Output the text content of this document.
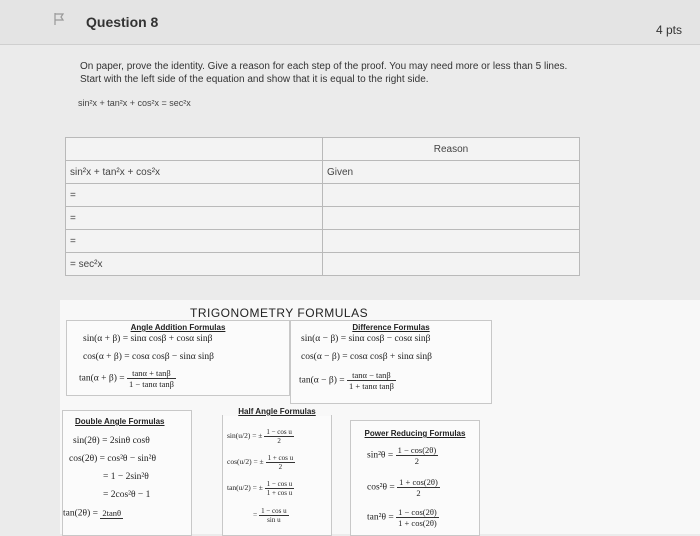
Question 8	4 pts
On paper, prove the identity. Give a reason for each step of the proof. You may need more or less than 5 lines.
Start with the left side of the equation and show that it is equal to the right side.
sin²x + tan²x + cos²x = sec²x
	Reason
sin²x + tan²x + cos²x	Given
=	
=	
=	
= sec²x	
TRIGONOMETRY FORMULAS
Angle Addition Formulas
sin(α + β) = sinα cosβ + cosα sinβ
cos(α + β) = cosα cosβ − sinα sinβ
$\tan(\alpha + \beta) = \frac{\tan\alpha + \tan\beta}{\text{1 − tanα tanβ}}$
Difference Formulas
sin(α − β) = sinα cosβ − cosα sinβ
cos(α − β) = cosα cosβ + sinα sinβ
$\tan(\alpha - \beta) = \frac{\tan\alpha - \tan\beta}{\text{1 + tanα tanβ}}$
Double Angle Formulas
sin(2θ) = 2sinθ cosθ
cos(2θ) = cos²θ − sin²θ
= 1 − 2sin²θ
= 2cos²θ − 1
tan(2θ) = 2tanθ
Half Angle Formulas
sin(u/2) = ± $\frac{\text{1 − cos u}}{2}$
cos(u/2) = ± $\frac{\text{1 + cos u}}{2}$
tan(u/2) = ± $\frac{\text{1 − cos u}}{\text{1 + cos u}}$
= $\frac{\text{1 − cos u}}{\text{sin u}}$
Power Reducing Formulas
$\sin^2\theta = \frac{1 - \cos(2\theta)}{2}$
$\cos^2\theta = \frac{1 + \cos(2\theta)}{2}$
$\tan^2\theta = \frac{1 - \cos(2\theta)}{1 + \cos(2\theta)}$
